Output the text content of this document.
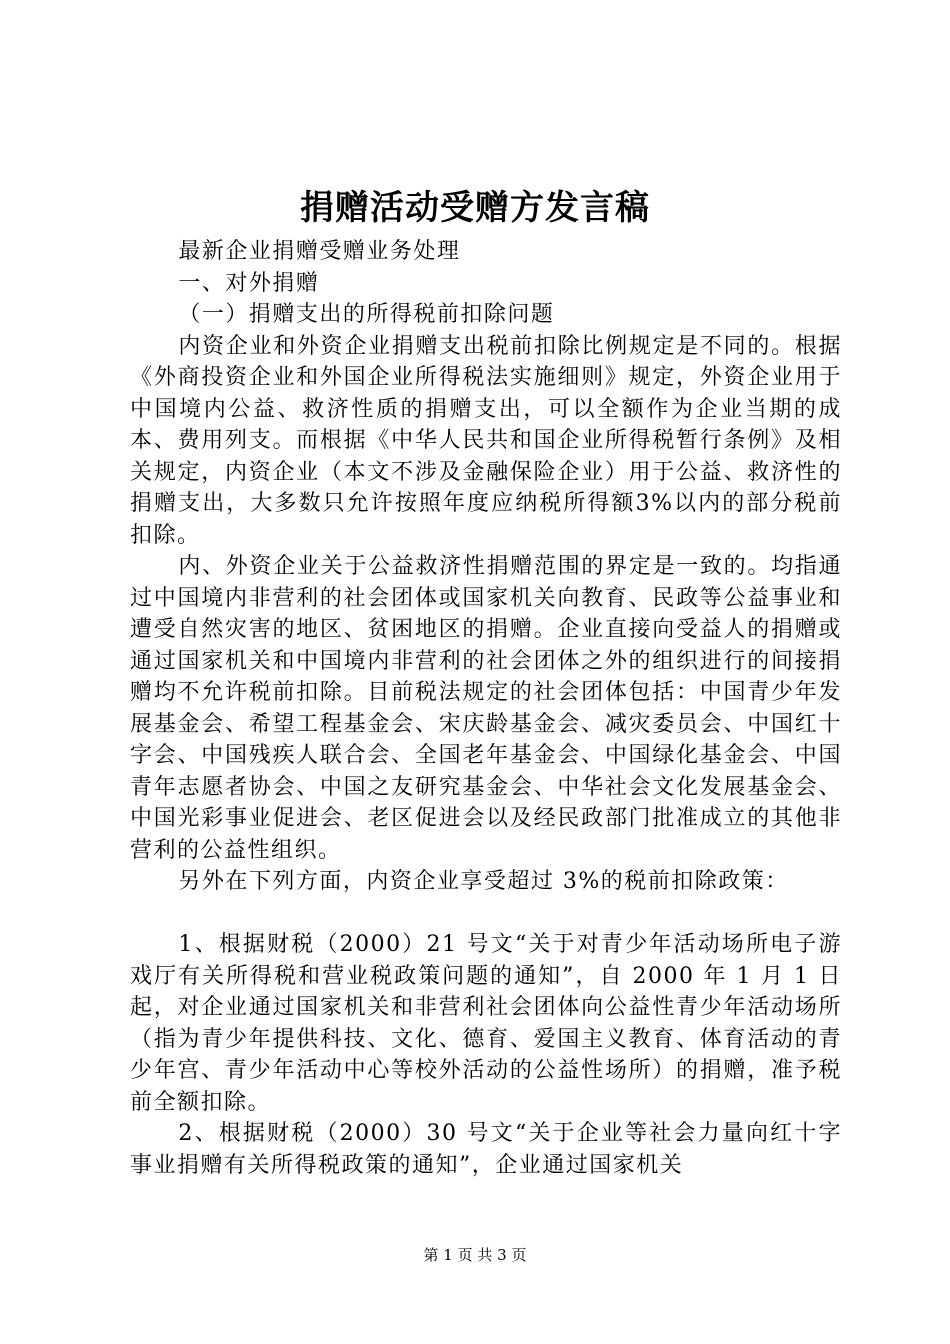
捐赠活动受赠方发言稿

最新企业捐赠受赠业务处理

一、对外捐赠

（一）捐赠支出的所得税前扣除问题

内资企业和外资企业捐赠支出税前扣除比例规定是不同的。根据《外商投资企业和外国企业所得税法实施细则》规定，外资企业用于中国境内公益、救济性质的捐赠支出，可以全额作为企业当期的成本、费用列支。而根据《中华人民共和国企业所得税暂行条例》及相关规定，内资企业（本文不涉及金融保险企业）用于公益、救济性的捐赠支出，大多数只允许按照年度应纳税所得额3%以内的部分税前扣除。

内、外资企业关于公益救济性捐赠范围的界定是一致的。均指通过中国境内非营利的社会团体或国家机关向教育、民政等公益事业和遭受自然灾害的地区、贫困地区的捐赠。企业直接向受益人的捐赠或通过国家机关和中国境内非营利的社会团体之外的组织进行的间接捐赠均不允许税前扣除。目前税法规定的社会团体包括：中国青少年发展基金会、希望工程基金会、宋庆龄基金会、减灾委员会、中国红十字会、中国残疾人联合会、全国老年基金会、中国绿化基金会、中国青年志愿者协会、中国之友研究基金会、中华社会文化发展基金会、中国光彩事业促进会、老区促进会以及经民政部门批准成立的其他非营利的公益性组织。

另外在下列方面，内资企业享受超过 3%的税前扣除政策：

1、根据财税（2000）21 号文“关于对青少年活动场所电子游戏厅有关所得税和营业税政策问题的通知”，自 2000 年 1 月 1 日起，对企业通过国家机关和非营利社会团体向公益性青少年活动场所（指为青少年提供科技、文化、德育、爱国主义教育、体育活动的青少年宫、青少年活动中心等校外活动的公益性场所）的捐赠，准予税前全额扣除。

2、根据财税（2000）30 号文“关于企业等社会力量向红十字事业捐赠有关所得税政策的通知”，企业通过国家机关

第 1 页 共 3 页
